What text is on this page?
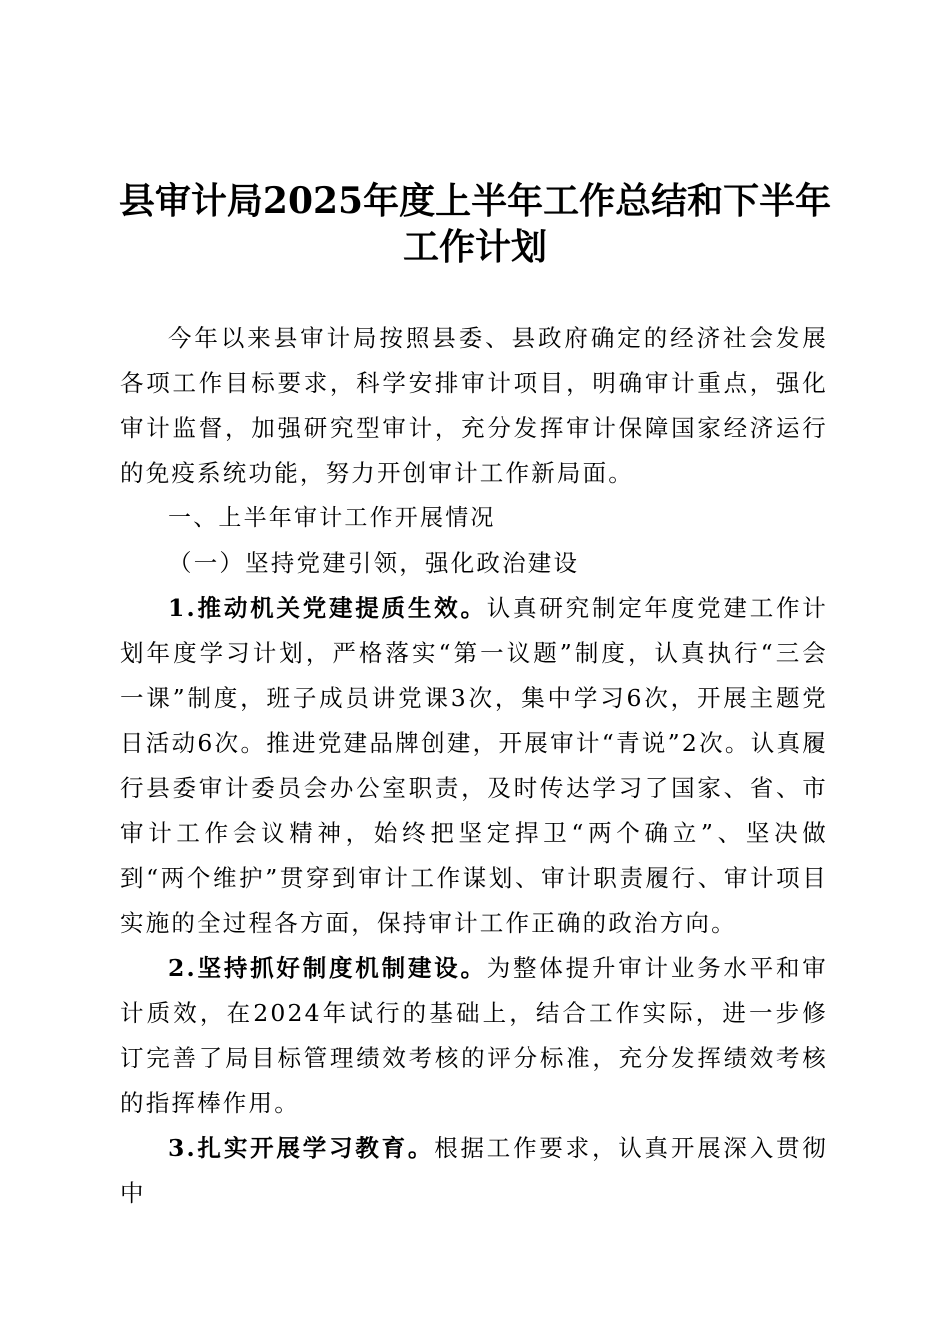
县审计局2025年度上半年工作总结和下半年
工作计划

今年以来县审计局按照县委、县政府确定的经济社会发展各项工作目标要求，科学安排审计项目，明确审计重点，强化审计监督，加强研究型审计，充分发挥审计保障国家经济运行的免疫系统功能，努力开创审计工作新局面。

一、上半年审计工作开展情况

（一）坚持党建引领，强化政治建设

1.推动机关党建提质生效。认真研究制定年度党建工作计划年度学习计划，严格落实“第一议题”制度，认真执行“三会一课”制度，班子成员讲党课3次，集中学习6次，开展主题党日活动6次。推进党建品牌创建，开展审计“青说”2次。认真履行县委审计委员会办公室职责，及时传达学习了国家、省、市审计工作会议精神，始终把坚定捍卫“两个确立”、坚决做到“两个维护”贯穿到审计工作谋划、审计职责履行、审计项目实施的全过程各方面，保持审计工作正确的政治方向。

2.坚持抓好制度机制建设。为整体提升审计业务水平和审计质效，在2024年试行的基础上，结合工作实际，进一步修订完善了局目标管理绩效考核的评分标准，充分发挥绩效考核的指挥棒作用。

3.扎实开展学习教育。根据工作要求，认真开展深入贯彻中
